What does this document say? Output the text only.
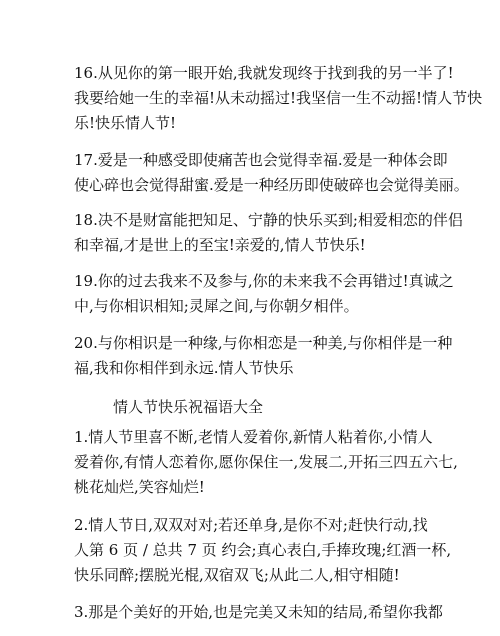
16.从见你的第一眼开始,我就发现终于找到我的另一半了!
我要给她一生的幸福!从未动摇过!我坚信一生不动摇!情人节快
乐!快乐情人节!
17.爱是一种感受即使痛苦也会觉得幸福.爱是一种体会即
使心碎也会觉得甜蜜.爱是一种经历即使破碎也会觉得美丽。
18.决不是财富能把知足、宁静的快乐买到;相爱相恋的伴侣
和幸福,才是世上的至宝!亲爱的,情人节快乐!
19.你的过去我来不及参与,你的未来我不会再错过!真诚之
中,与你相识相知;灵犀之间,与你朝夕相伴。
20.与你相识是一种缘,与你相恋是一种美,与你相伴是一种
福,我和你相伴到永远.情人节快乐
情人节快乐祝福语大全
1.情人节里喜不断,老情人爱着你,新情人粘着你,小情人
爱着你,有情人恋着你,愿你保住一,发展二,开拓三四五六七,
桃花灿烂,笑容灿烂!
2.情人节日,双双对对;若还单身,是你不对;赶快行动,找
人第 6 页 / 总共 7 页 约会;真心表白,手捧玫瑰;红酒一杯,
快乐同醉;摆脱光棍,双宿双飞;从此二人,相守相随!
3.那是个美好的开始,也是完美又未知的结局,希望你我都
